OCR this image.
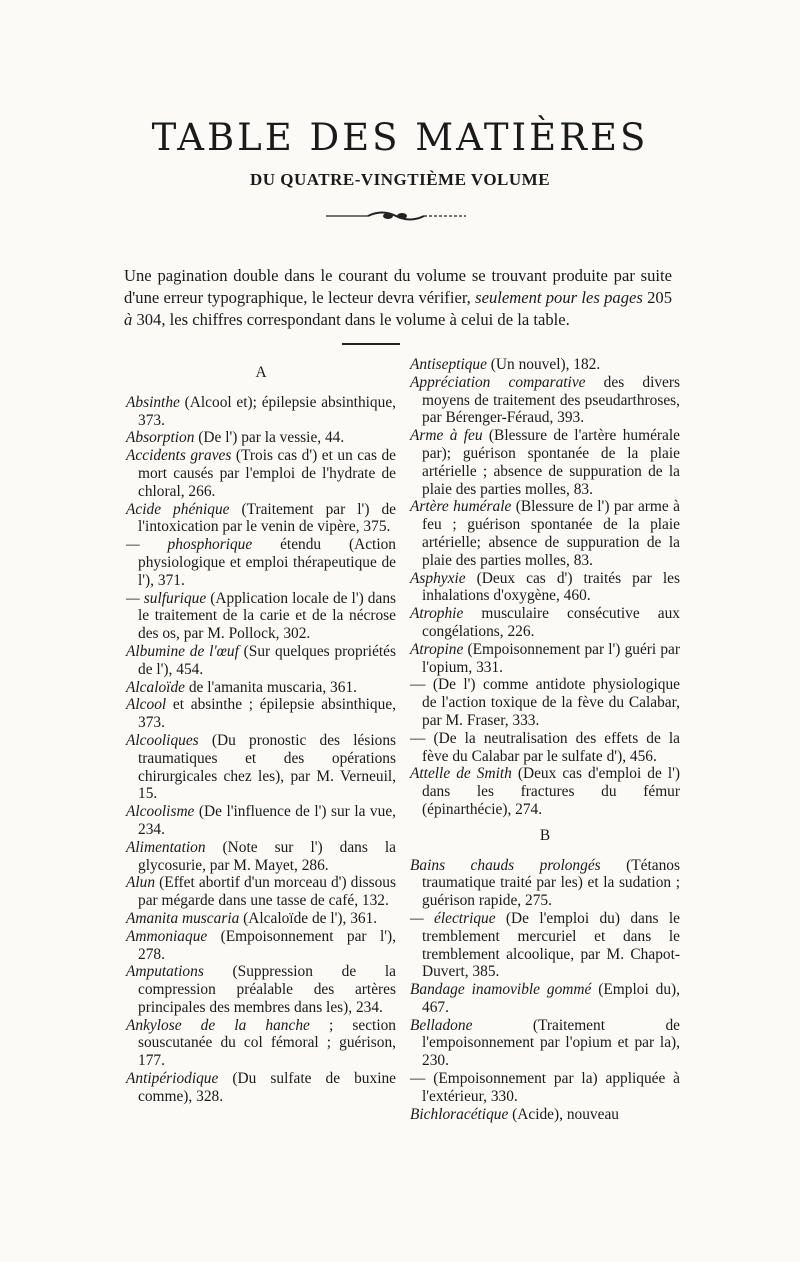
TABLE DES MATIÈRES
DU QUATRE-VINGTIÈME VOLUME

Une pagination double dans le courant du volume se trouvant produite par suite d'une erreur typographique, le lecteur devra vérifier, seulement pour les pages 205 à 304, les chiffres correspondant dans le volume à celui de la table.

A

Absinthe (Alcool et); épilepsie absinthique, 373.

Absorption (De l') par la vessie, 44.

Accidents graves (Trois cas d') et un cas de mort causés par l'emploi de l'hydrate de chloral, 266.

Acide phénique (Traitement par l') de l'intoxication par le venin de vipère, 375.

— phosphorique étendu (Action physiologique et emploi thérapeutique de l'), 371.

— sulfurique (Application locale de l') dans le traitement de la carie et de la nécrose des os, par M. Pollock, 302.

Albumine de l'œuf (Sur quelques propriétés de l'), 454.

Alcaloïde de l'amanita muscaria, 361.

Alcool et absinthe ; épilepsie absinthique, 373.

Alcooliques (Du pronostic des lésions traumatiques et des opérations chirurgicales chez les), par M. Verneuil, 15.

Alcoolisme (De l'influence de l') sur la vue, 234.

Alimentation (Note sur l') dans la glycosurie, par M. Mayet, 286.

Alun (Effet abortif d'un morceau d') dissous par mégarde dans une tasse de café, 132.

Amanita muscaria (Alcaloïde de l'), 361.

Ammoniaque (Empoisonnement par l'), 278.

Amputations (Suppression de la compression préalable des artères principales des membres dans les), 234.

Ankylose de la hanche ; section souscutanée du col fémoral ; guérison, 177.

Antipériodique (Du sulfate de buxine comme), 328.

Antiseptique (Un nouvel), 182.

Appréciation comparative des divers moyens de traitement des pseudarthroses, par Bérenger-Féraud, 393.

Arme à feu (Blessure de l'artère humérale par); guérison spontanée de la plaie artérielle ; absence de suppuration de la plaie des parties molles, 83.

Artère humérale (Blessure de l') par arme à feu ; guérison spontanée de la plaie artérielle; absence de suppuration de la plaie des parties molles, 83.

Asphyxie (Deux cas d') traités par les inhalations d'oxygène, 460.

Atrophie musculaire consécutive aux congélations, 226.

Atropine (Empoisonnement par l') guéri par l'opium, 331.

— (De l') comme antidote physiologique de l'action toxique de la fève du Calabar, par M. Fraser, 333.

— (De la neutralisation des effets de la fève du Calabar par le sulfate d'), 456.

Attelle de Smith (Deux cas d'emploi de l') dans les fractures du fémur (épinarthécie), 274.

B

Bains chauds prolongés (Tétanos traumatique traité par les) et la sudation ; guérison rapide, 275.

— électrique (De l'emploi du) dans le tremblement mercuriel et dans le tremblement alcoolique, par M. Chapot-Duvert, 385.

Bandage inamovible gommé (Emploi du), 467.

Belladone (Traitement de l'empoisonnement par l'opium et par la), 230.

— (Empoisonnement par la) appliquée à l'extérieur, 330.

Bichloracétique (Acide), nouveau
